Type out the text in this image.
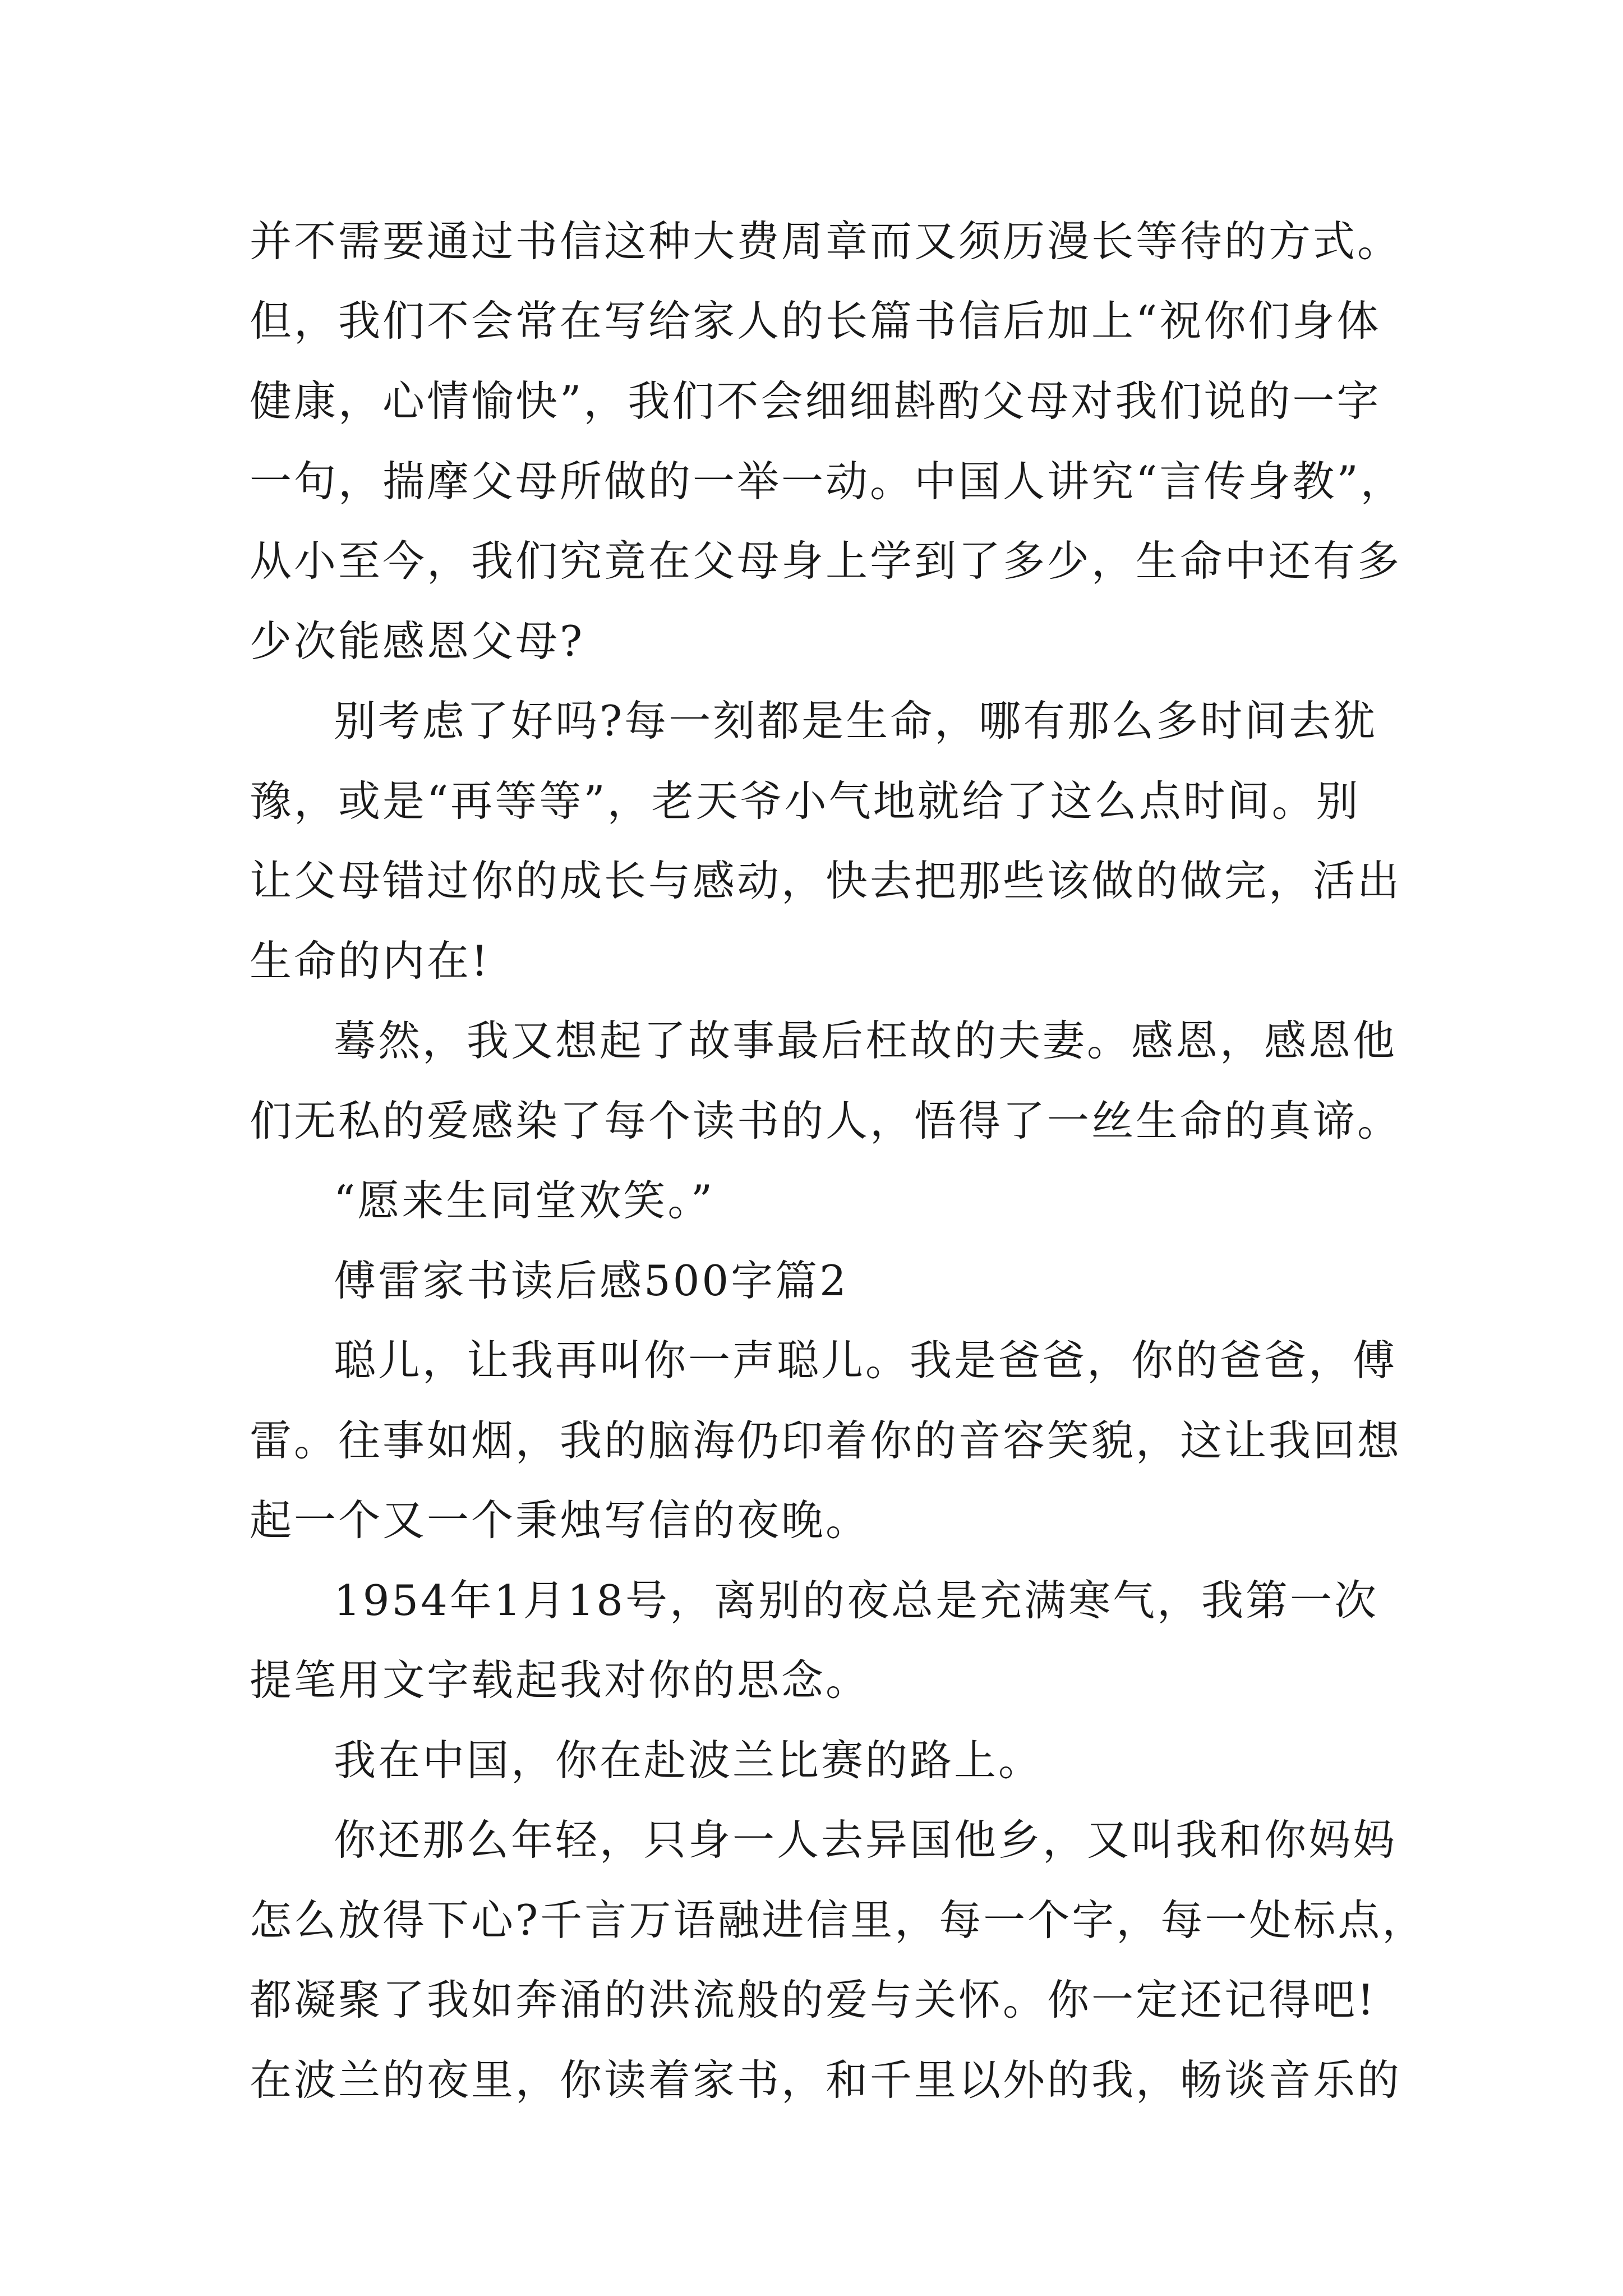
并不需要通过书信这种大费周章而又须历漫长等待的方式。
但，我们不会常在写给家人的长篇书信后加上“祝你们身体
健康，心情愉快”，我们不会细细斟酌父母对我们说的一字
一句，揣摩父母所做的一举一动。中国人讲究“言传身教”，
从小至今，我们究竟在父母身上学到了多少，生命中还有多
少次能感恩父母?
别考虑了好吗?每一刻都是生命，哪有那么多时间去犹
豫，或是“再等等”，老天爷小气地就给了这么点时间。别
让父母错过你的成长与感动，快去把那些该做的做完，活出
生命的内在!
蓦然，我又想起了故事最后枉故的夫妻。感恩，感恩他
们无私的爱感染了每个读书的人，悟得了一丝生命的真谛。
“愿来生同堂欢笑。”
傅雷家书读后感500字篇2
聪儿，让我再叫你一声聪儿。我是爸爸，你的爸爸，傅
雷。往事如烟，我的脑海仍印着你的音容笑貌，这让我回想
起一个又一个秉烛写信的夜晚。
1954年1月18号，离别的夜总是充满寒气，我第一次
提笔用文字载起我对你的思念。
我在中国，你在赴波兰比赛的路上。
你还那么年轻，只身一人去异国他乡，又叫我和你妈妈
怎么放得下心?千言万语融进信里，每一个字，每一处标点，
都凝聚了我如奔涌的洪流般的爱与关怀。你一定还记得吧!
在波兰的夜里，你读着家书，和千里以外的我，畅谈音乐的
